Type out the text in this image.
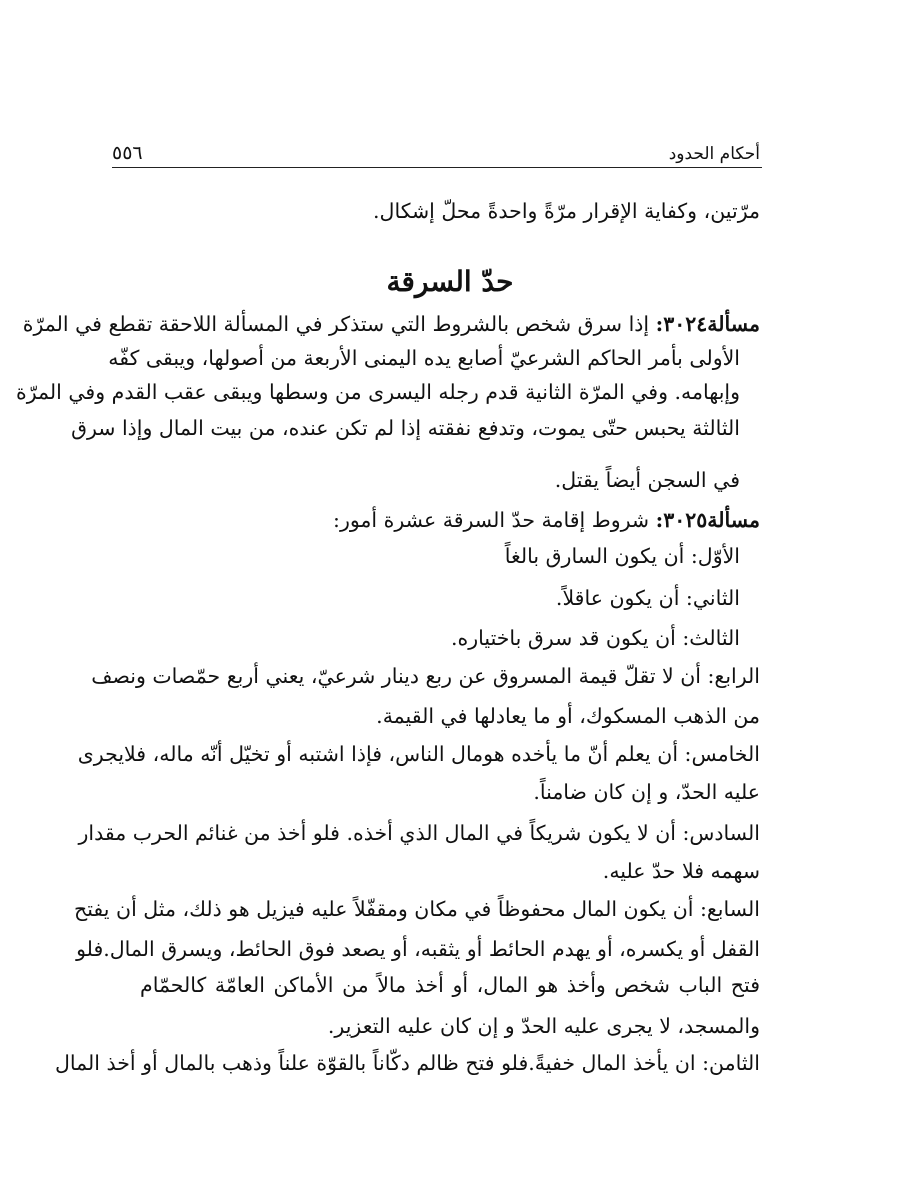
٥٥٦	أحكام الحدود
مرّتين، وكفاية الإقرار مرّةً واحدةً محلّ إشكال.
حدّ السرقة
مسألة٣٠٢٤: إذا سرق شخص بالشروط التي ستذكر في المسألة اللاحقة تقطع في المرّة
الأولى بأمر الحاكم الشرعيّ أصابع يده اليمنى الأربعة من أصولها، ويبقى كفّه
وإبهامه. وفي المرّة الثانية قدم رجله اليسرى من وسطها ويبقى عقب القدم وفي المرّة
الثالثة يحبس حتّى يموت، وتدفع نفقته إذا لم تكن عنده، من بيت المال وإذا سرق
في السجن أيضاً يقتل.
مسألة٣٠٢٥: شروط إقامة حدّ السرقة عشرة أمور:
الأوّل: أن يكون السارق بالغاً
الثاني: أن يكون عاقلاً.
الثالث: أن يكون قد سرق باختياره.
الرابع: أن لا تقلّ قيمة المسروق عن ربع دينار شرعيّ، يعني أربع حمّصات ونصف
من الذهب المسكوك، أو ما يعادلها في القيمة.
الخامس: أن يعلم أنّ ما يأخده هومال الناس، فإذا اشتبه أو تخيّل أنّه ماله، فلايجرى
عليه الحدّ، و إن كان ضامناً.
السادس: أن لا يكون شريكاً في المال الذي أخذه. فلو أخذ من غنائم الحرب مقدار
سهمه فلا حدّ عليه.
السابع: أن يكون المال محفوظاً في مكان ومقفّلاً عليه فيزيل هو ذلك، مثل أن يفتح
القفل أو يكسره، أو يهدم الحائط أو يثقبه، أو يصعد فوق الحائط، ويسرق المال.فلو
فتح الباب شخص وأخذ هو المال، أو أخذ مالاً من الأماكن العامّة كالحمّام
والمسجد، لا يجرى عليه الحدّ و إن كان عليه التعزير.
الثامن: ان يأخذ المال خفيةً.فلو فتح ظالم دكّاناً بالقوّة علناً وذهب بالمال أو أخذ المال
